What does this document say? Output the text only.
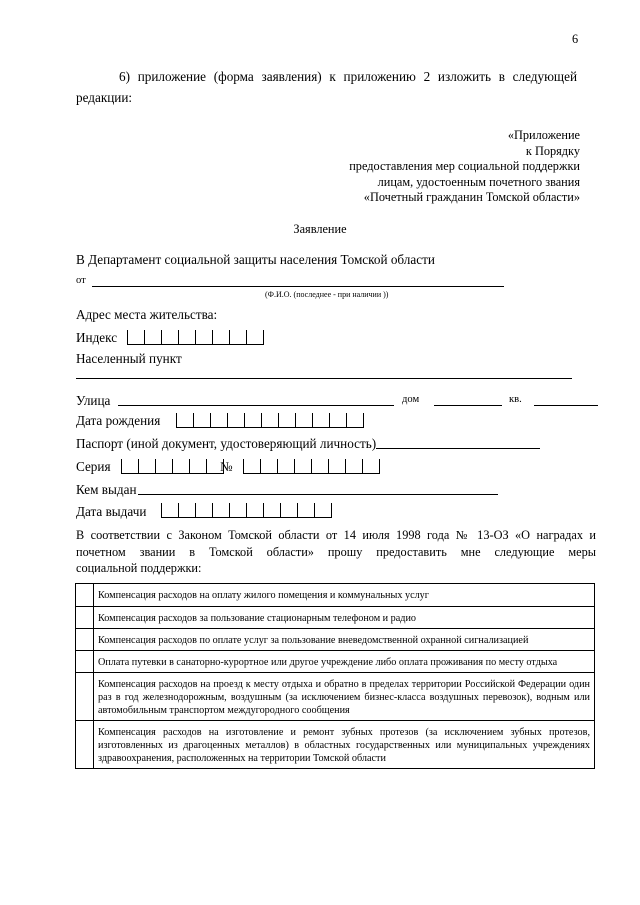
6
6) приложение (форма заявления) к приложению 2 изложить в следующей
редакции:
«Приложение
к Порядку
предоставления мер социальной поддержки
лицам, удостоенным почетного звания
«Почетный гражданин Томской области»
Заявление
В Департамент социальной защиты населения Томской области
от
(Ф.И.О. (последнее - при наличии ))
Адрес места жительства:
Индекс
Населенный пункт
Улица	дом	кв.
Дата рождения
Паспорт (иной документ, удостоверяющий личность)
Серия	№
Кем выдан
Дата выдачи
В соответствии с Законом Томской области от 14 июля 1998 года № 13-ОЗ «О наградах и
почетном звании в Томской области» прошу предоставить мне следующие меры
социальной поддержки:
	Компенсация расходов на оплату жилого помещения и коммунальных услуг
	Компенсация расходов за пользование стационарным телефоном и радио
	Компенсация расходов по оплате услуг за пользование вневедомственной охранной сигнализацией
	Оплата путевки в санаторно-курортное или другое учреждение либо оплата проживания по месту отдыха
	Компенсация расходов на проезд к месту отдыха и обратно в пределах территории Российской Федерации один раз в год железнодорожным, воздушным (за исключением бизнес-класса воздушных перевозок), водным или автомобильным транспортом междугородного сообщения
	Компенсация расходов на изготовление и ремонт зубных протезов (за исключением зубных протезов, изготовленных из драгоценных металлов) в областных государственных или муниципальных учреждениях здравоохранения, расположенных на территории Томской области
